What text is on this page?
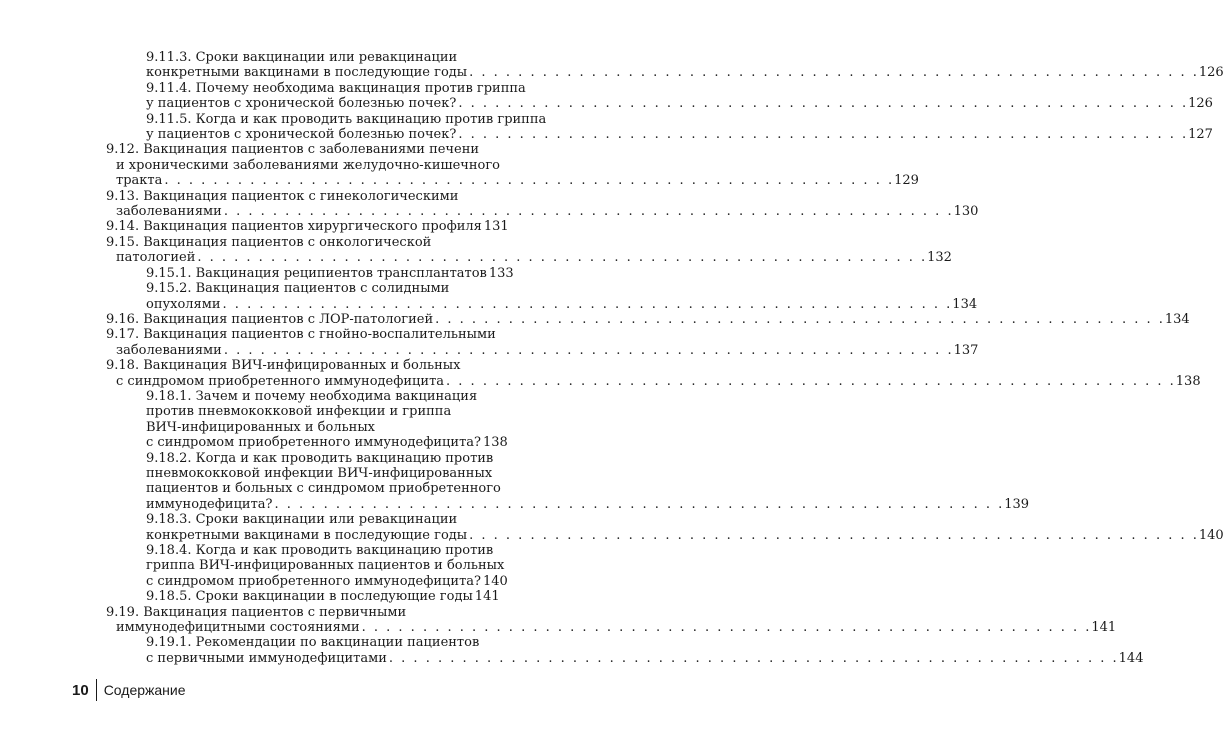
9.11.3. Сроки вакцинации или ревакцинации
конкретными вакцинами в последующие годы . . . . . . . . . . . . . . . . . . . . . . . . . . . . . . . . . . . . . . . . . . . . . . . . . . . . . . . . . . . . 126
9.11.4. Почему необходима вакцинация против гриппа
у пациентов с хронической болезнью почек? . . . . . . . . . . . . . . . . . . . . . . . . . . . . . . . . . . . . . . . . . . . . . . . . . . . . . . . . . . . . 126
9.11.5. Когда и как проводить вакцинацию против гриппа
у пациентов с хронической болезнью почек? . . . . . . . . . . . . . . . . . . . . . . . . . . . . . . . . . . . . . . . . . . . . . . . . . . . . . . . . . . . . 127
9.12. Вакцинация пациентов с заболеваниями печени
и хроническими заболеваниями желудочно-кишечного
тракта . . . . . . . . . . . . . . . . . . . . . . . . . . . . . . . . . . . . . . . . . . . . . . . . . . . . . . . . . . . . 129
9.13. Вакцинация пациенток с гинекологическими
заболеваниями . . . . . . . . . . . . . . . . . . . . . . . . . . . . . . . . . . . . . . . . . . . . . . . . . . . . . . . . . . . . 130
9.14. Вакцинация пациентов хирургического профиля 131
9.15. Вакцинация пациентов с онкологической
патологией . . . . . . . . . . . . . . . . . . . . . . . . . . . . . . . . . . . . . . . . . . . . . . . . . . . . . . . . . . . . 132
9.15.1. Вакцинация реципиентов трансплантатов 133
9.15.2. Вакцинация пациентов с солидными
опухолями . . . . . . . . . . . . . . . . . . . . . . . . . . . . . . . . . . . . . . . . . . . . . . . . . . . . . . . . . . . . 134
9.16. Вакцинация пациентов с ЛОР-патологией . . . . . . . . . . . . . . . . . . . . . . . . . . . . . . . . . . . . . . . . . . . . . . . . . . . . . . . . . . . . 134
9.17. Вакцинация пациентов с гнойно-воспалительными
заболеваниями . . . . . . . . . . . . . . . . . . . . . . . . . . . . . . . . . . . . . . . . . . . . . . . . . . . . . . . . . . . . 137
9.18. Вакцинация ВИЧ-инфицированных и больных
с синдромом приобретенного иммунодефицита . . . . . . . . . . . . . . . . . . . . . . . . . . . . . . . . . . . . . . . . . . . . . . . . . . . . . . . . . . . . 138
9.18.1. Зачем и почему необходима вакцинация
против пневмококковой инфекции и гриппа
ВИЧ-инфицированных и больных
с синдромом приобретенного иммунодефицита? 138
9.18.2. Когда и как проводить вакцинацию против
пневмококковой инфекции ВИЧ-инфицированных
пациентов и больных с синдромом приобретенного
иммунодефицита? . . . . . . . . . . . . . . . . . . . . . . . . . . . . . . . . . . . . . . . . . . . . . . . . . . . . . . . . . . . . 139
9.18.3. Сроки вакцинации или ревакцинации
конкретными вакцинами в последующие годы . . . . . . . . . . . . . . . . . . . . . . . . . . . . . . . . . . . . . . . . . . . . . . . . . . . . . . . . . . . . 140
9.18.4. Когда и как проводить вакцинацию против
гриппа ВИЧ-инфицированных пациентов и больных
с синдромом приобретенного иммунодефицита? 140
9.18.5. Сроки вакцинации в последующие годы 141
9.19. Вакцинация пациентов с первичными
иммунодефицитными состояниями . . . . . . . . . . . . . . . . . . . . . . . . . . . . . . . . . . . . . . . . . . . . . . . . . . . . . . . . . . . . 141
9.19.1. Рекомендации по вакцинации пациентов
с первичными иммунодефицитами . . . . . . . . . . . . . . . . . . . . . . . . . . . . . . . . . . . . . . . . . . . . . . . . . . . . . . . . . . . . 144
10 Содержание
